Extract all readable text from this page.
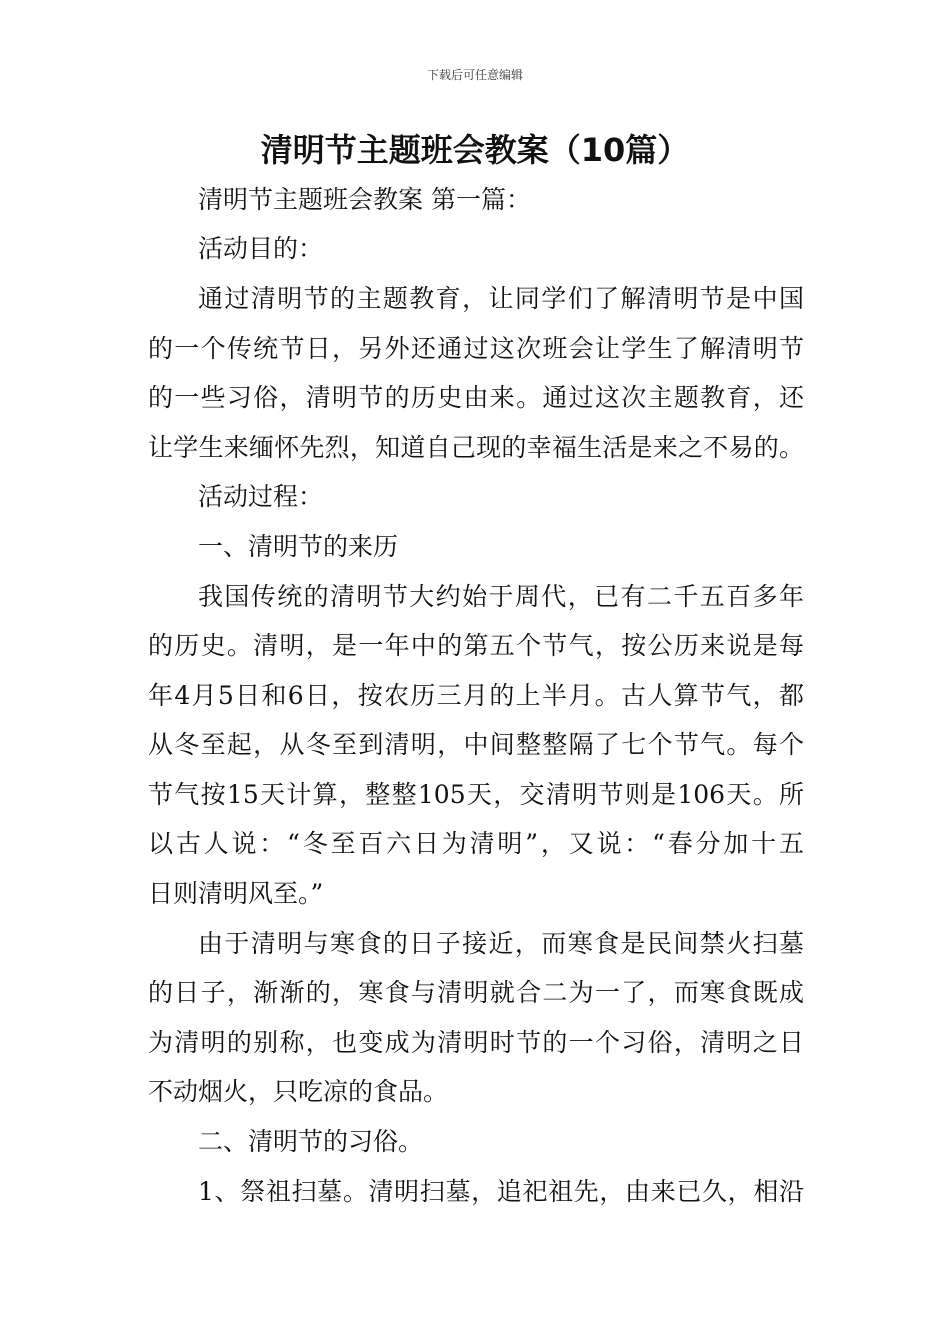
下载后可任意编辑
清明节主题班会教案（10篇）
清明节主题班会教案 第一篇：
活动目的：
通过清明节的主题教育，让同学们了解清明节是中国
的一个传统节日，另外还通过这次班会让学生了解清明节
的一些习俗，清明节的历史由来。通过这次主题教育，还
让学生来缅怀先烈，知道自己现的幸福生活是来之不易的。
活动过程：
一、清明节的来历
我国传统的清明节大约始于周代，已有二千五百多年
的历史。清明，是一年中的第五个节气，按公历来说是每
年4月5日和6日，按农历三月的上半月。古人算节气，都
从冬至起，从冬至到清明，中间整整隔了七个节气。每个
节气按15天计算，整整105天，交清明节则是106天。所
以古人说：“冬至百六日为清明”，又说：“春分加十五
日则清明风至。”
由于清明与寒食的日子接近，而寒食是民间禁火扫墓
的日子，渐渐的，寒食与清明就合二为一了，而寒食既成
为清明的别称，也变成为清明时节的一个习俗，清明之日
不动烟火，只吃凉的食品。
二、清明节的习俗。
1、祭祖扫墓。清明扫墓，追祀祖先，由来已久，相沿
